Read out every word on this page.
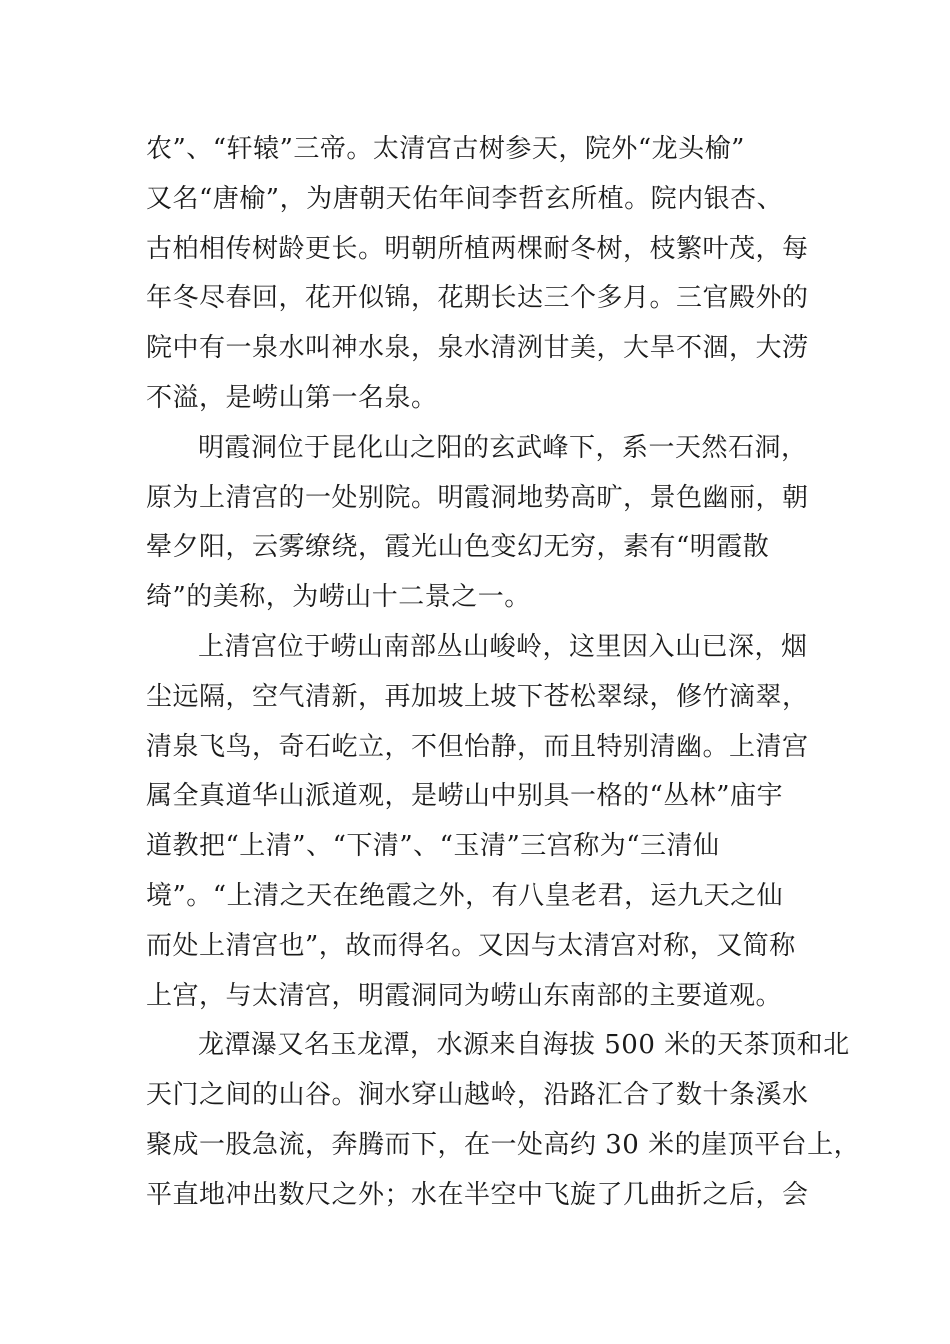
农”、“轩辕”三帝。太清宫古树参天，院外“龙头榆”
又名“唐榆”，为唐朝天佑年间李哲玄所植。院内银杏、
古柏相传树龄更长。明朝所植两棵耐冬树，枝繁叶茂，每
年冬尽春回，花开似锦，花期长达三个多月。三官殿外的
院中有一泉水叫神水泉，泉水清洌甘美，大旱不涸，大涝
不溢，是崂山第一名泉。
明霞洞位于昆化山之阳的玄武峰下，系一天然石洞，
原为上清宫的一处别院。明霞洞地势高旷，景色幽丽，朝
晕夕阳，云雾缭绕，霞光山色变幻无穷，素有“明霞散
绮”的美称，为崂山十二景之一。
上清宫位于崂山南部丛山峻岭，这里因入山已深，烟
尘远隔，空气清新，再加坡上坡下苍松翠绿，修竹滴翠，
清泉飞鸟，奇石屹立，不但怡静，而且特别清幽。上清宫
属全真道华山派道观，是崂山中别具一格的“丛林”庙宇
道教把“上清”、“下清”、“玉清”三宫称为“三清仙
境”。“上清之天在绝霞之外，有八皇老君，运九天之仙
而处上清宫也”，故而得名。又因与太清宫对称，又简称
上宫，与太清宫，明霞洞同为崂山东南部的主要道观。
龙潭瀑又名玉龙潭，水源来自海拔 500 米的天茶顶和北
天门之间的山谷。涧水穿山越岭，沿路汇合了数十条溪水
聚成一股急流，奔腾而下，在一处高约 30 米的崖顶平台上，
平直地冲出数尺之外；水在半空中飞旋了几曲折之后，会
